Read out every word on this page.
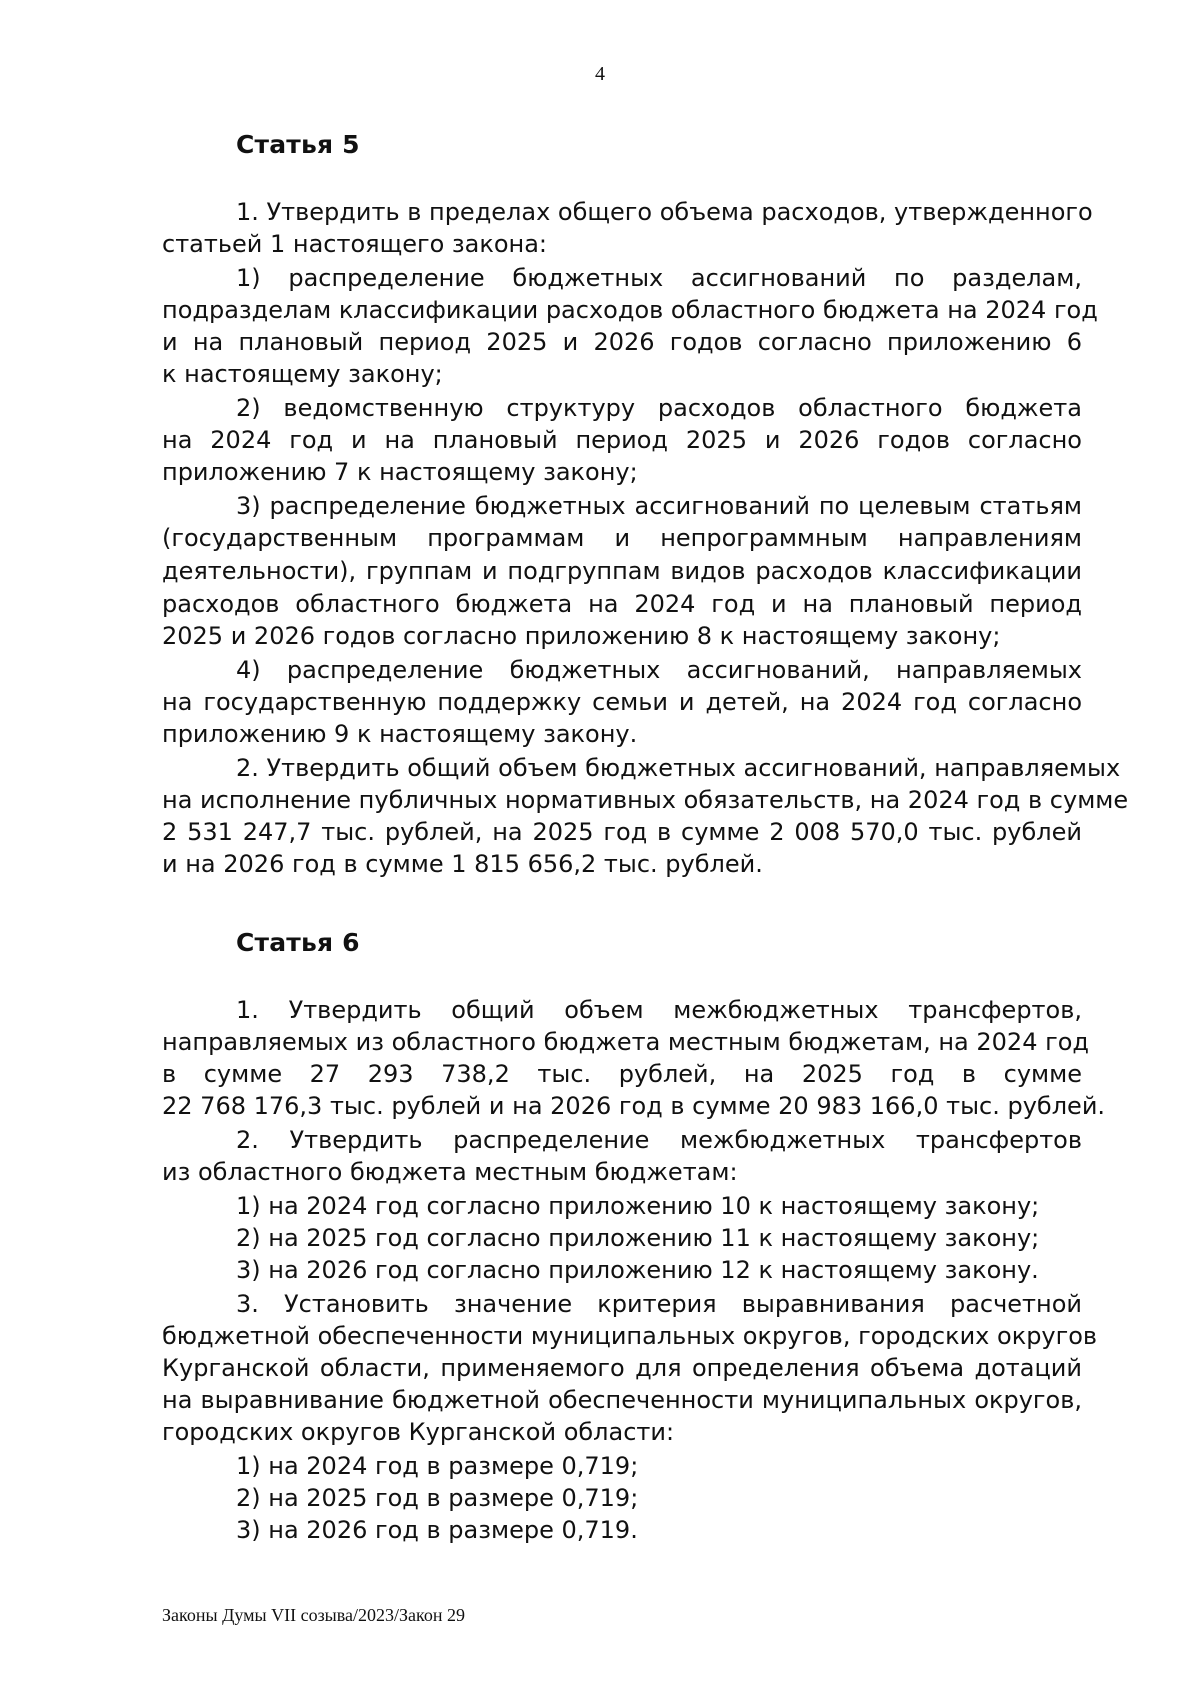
4
Статья 5
1. Утвердить в пределах общего объема расходов, утвержденного
статьей 1 настоящего закона:
1) распределение бюджетных ассигнований по разделам,
подразделам классификации расходов областного бюджета на 2024 год
и на плановый период 2025 и 2026 годов согласно приложению 6
к настоящему закону;
2) ведомственную структуру расходов областного бюджета
на 2024 год и на плановый период 2025 и 2026 годов согласно
приложению 7 к настоящему закону;
3) распределение бюджетных ассигнований по целевым статьям
(государственным программам и непрограммным направлениям
деятельности), группам и подгруппам видов расходов классификации
расходов областного бюджета на 2024 год и на плановый период
2025 и 2026 годов согласно приложению 8 к настоящему закону;
4) распределение бюджетных ассигнований, направляемых
на государственную поддержку семьи и детей, на 2024 год согласно
приложению 9 к настоящему закону.
2. Утвердить общий объем бюджетных ассигнований, направляемых
на исполнение публичных нормативных обязательств, на 2024 год в сумме
2 531 247,7 тыс. рублей, на 2025 год в сумме 2 008 570,0 тыс. рублей
и на 2026 год в сумме 1 815 656,2 тыс. рублей.
Статья 6
1. Утвердить общий объем межбюджетных трансфертов,
направляемых из областного бюджета местным бюджетам, на 2024 год
в сумме 27 293 738,2 тыс. рублей, на 2025 год в сумме
22 768 176,3 тыс. рублей и на 2026 год в сумме 20 983 166,0 тыс. рублей.
2. Утвердить распределение межбюджетных трансфертов
из областного бюджета местным бюджетам:
1) на 2024 год согласно приложению 10 к настоящему закону;
2) на 2025 год согласно приложению 11 к настоящему закону;
3) на 2026 год согласно приложению 12 к настоящему закону.
3. Установить значение критерия выравнивания расчетной
бюджетной обеспеченности муниципальных округов, городских округов
Курганской области, применяемого для определения объема дотаций
на выравнивание бюджетной обеспеченности муниципальных округов,
городских округов Курганской области:
1) на 2024 год в размере 0,719;
2) на 2025 год в размере 0,719;
3) на 2026 год в размере 0,719.
Законы Думы VII созыва/2023/Закон 29
